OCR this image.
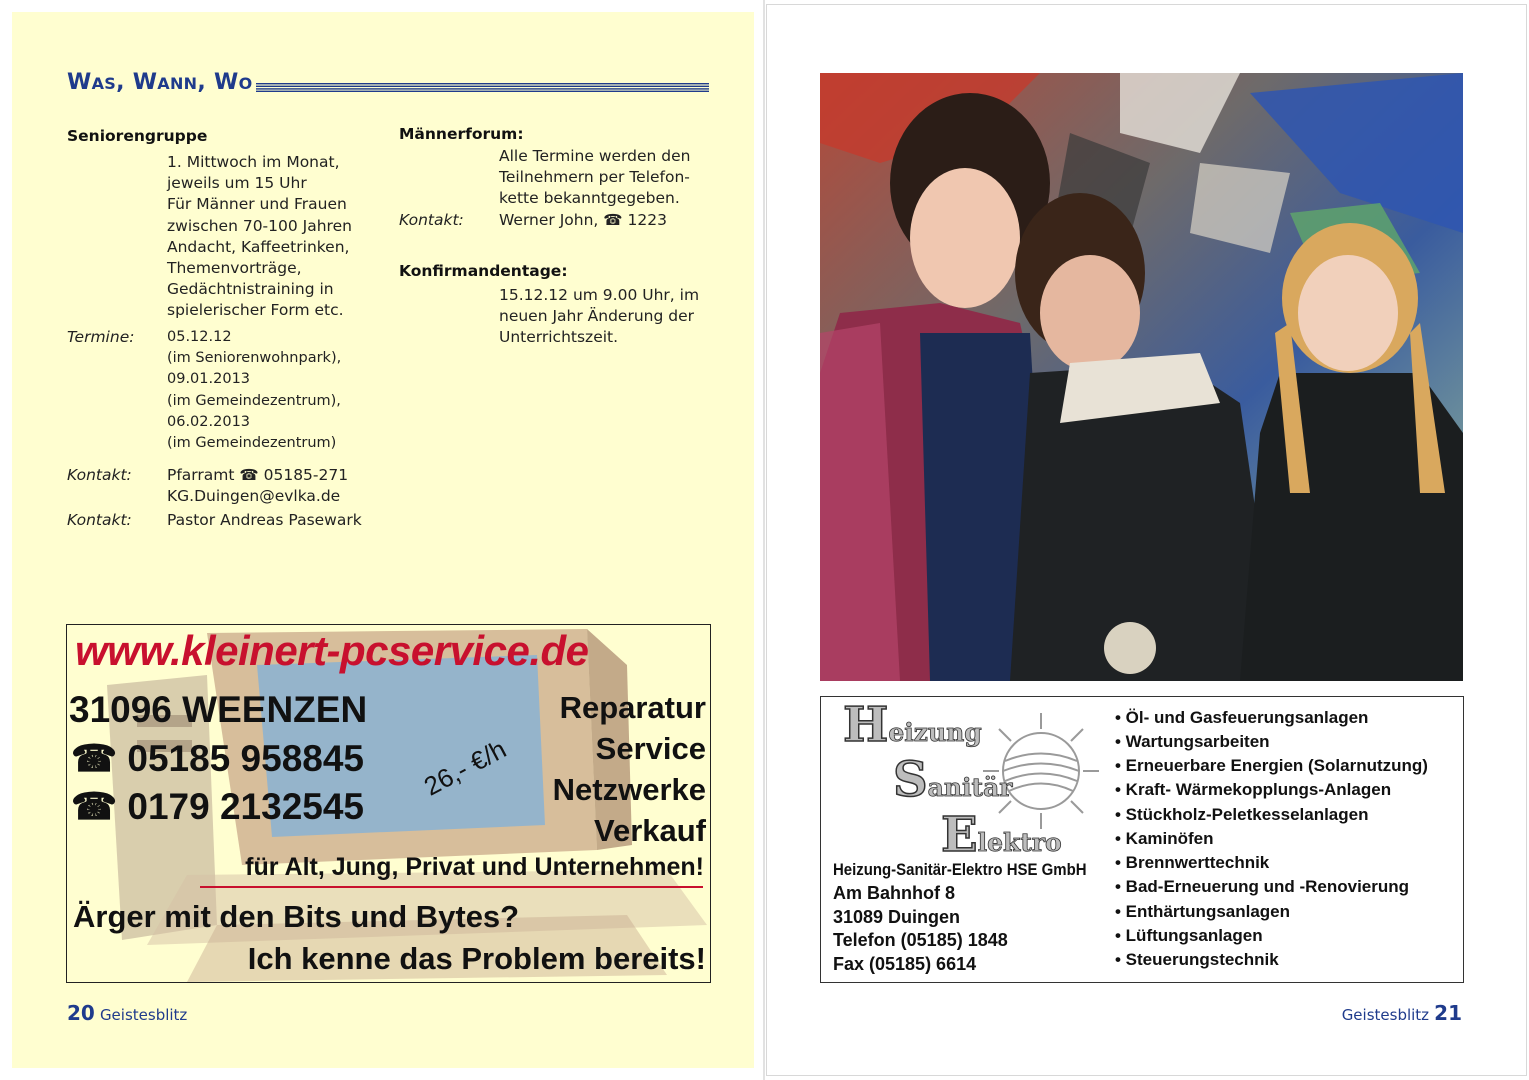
WAS, WANN, WO
Seniorengruppe
1. Mittwoch im Monat,
jeweils um 15 Uhr
Für Männer und Frauen
zwischen 70-100 Jahren
Andacht, Kaffeetrinken,
Themenvorträge,
Gedächtnistraining in
spielerischer Form etc.
Termine: 05.12.12
(im Seniorenwohnpark),
09.01.2013
(im Gemeindezentrum),
06.02.2013
(im Gemeindezentrum)
Kontakt: Pfarramt ☎ 05185-271
KG.Duingen@evlka.de
Kontakt: Pastor Andreas Pasewark
Männerforum:
Alle Termine werden den
Teilnehmern per Telefon-
kette bekanntgegeben.
Kontakt: Werner John, ☎ 1223
Konfirmandentage:
15.12.12 um 9.00 Uhr, im
neuen Jahr Änderung der
Unterrichtszeit.
www.kleinert-pcservice.de
31096 WEENZEN
☎ 05185 958845
☎ 0179 2132545
26,- €/h
Reparatur
Service
Netzwerke
Verkauf
für Alt, Jung, Privat und Unternehmen!
Ärger mit den Bits und Bytes?
Ich kenne das Problem bereits!
20 Geistesblitz
Heizung
Sanitär
Elektro
Heizung-Sanitär-Elektro HSE GmbH
Am Bahnhof 8
31089 Duingen
Telefon (05185) 1848
Fax (05185) 6614
• Öl- und Gasfeuerungsanlagen
• Wartungsarbeiten
• Erneuerbare Energien (Solarnutzung)
• Kraft- Wärmekopplungs-Anlagen
• Stückholz-Peletkesselanlagen
• Kaminöfen
• Brennwerttechnik
• Bad-Erneuerung und -Renovierung
• Enthärtungsanlagen
• Lüftungsanlagen
• Steuerungstechnik
Geistesblitz 21
